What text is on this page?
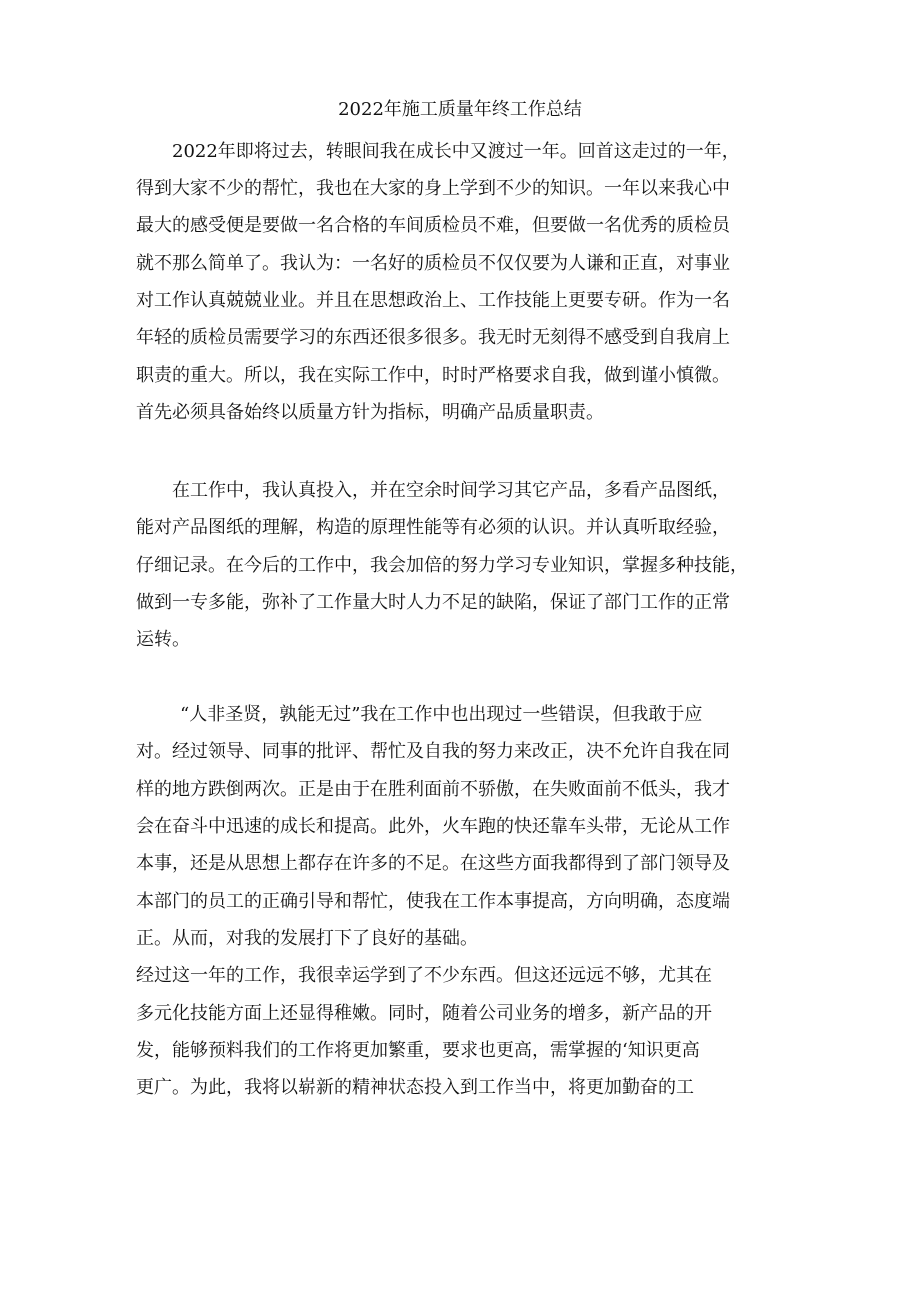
2022年施工质量年终工作总结
2022年即将过去，转眼间我在成长中又渡过一年。回首这走过的一年，
得到大家不少的帮忙，我也在大家的身上学到不少的知识。一年以来我心中
最大的感受便是要做一名合格的车间质检员不难，但要做一名优秀的质检员
就不那么简单了。我认为：一名好的质检员不仅仅要为人谦和正直，对事业
对工作认真兢兢业业。并且在思想政治上、工作技能上更要专研。作为一名
年轻的质检员需要学习的东西还很多很多。我无时无刻得不感受到自我肩上
职责的重大。所以，我在实际工作中，时时严格要求自我，做到谨小慎微。
首先必须具备始终以质量方针为指标，明确产品质量职责。
在工作中，我认真投入，并在空余时间学习其它产品，多看产品图纸，
能对产品图纸的理解，构造的原理性能等有必须的认识。并认真听取经验，
仔细记录。在今后的工作中，我会加倍的努力学习专业知识，掌握多种技能，
做到一专多能，弥补了工作量大时人力不足的缺陷，保证了部门工作的正常
运转。
“人非圣贤，孰能无过”我在工作中也出现过一些错误，但我敢于应
对。经过领导、同事的批评、帮忙及自我的努力来改正，决不允许自我在同
样的地方跌倒两次。正是由于在胜利面前不骄傲，在失败面前不低头，我才
会在奋斗中迅速的成长和提高。此外，火车跑的快还靠车头带，无论从工作
本事，还是从思想上都存在许多的不足。在这些方面我都得到了部门领导及
本部门的员工的正确引导和帮忙，使我在工作本事提高，方向明确，态度端
正。从而，对我的发展打下了良好的基础。
经过这一年的工作，我很幸运学到了不少东西。但这还远远不够，尤其在
多元化技能方面上还显得稚嫩。同时，随着公司业务的增多，新产品的开
发，能够预料我们的工作将更加繁重，要求也更高，需掌握的‘知识更高
更广。为此，我将以崭新的精神状态投入到工作当中，将更加勤奋的工
